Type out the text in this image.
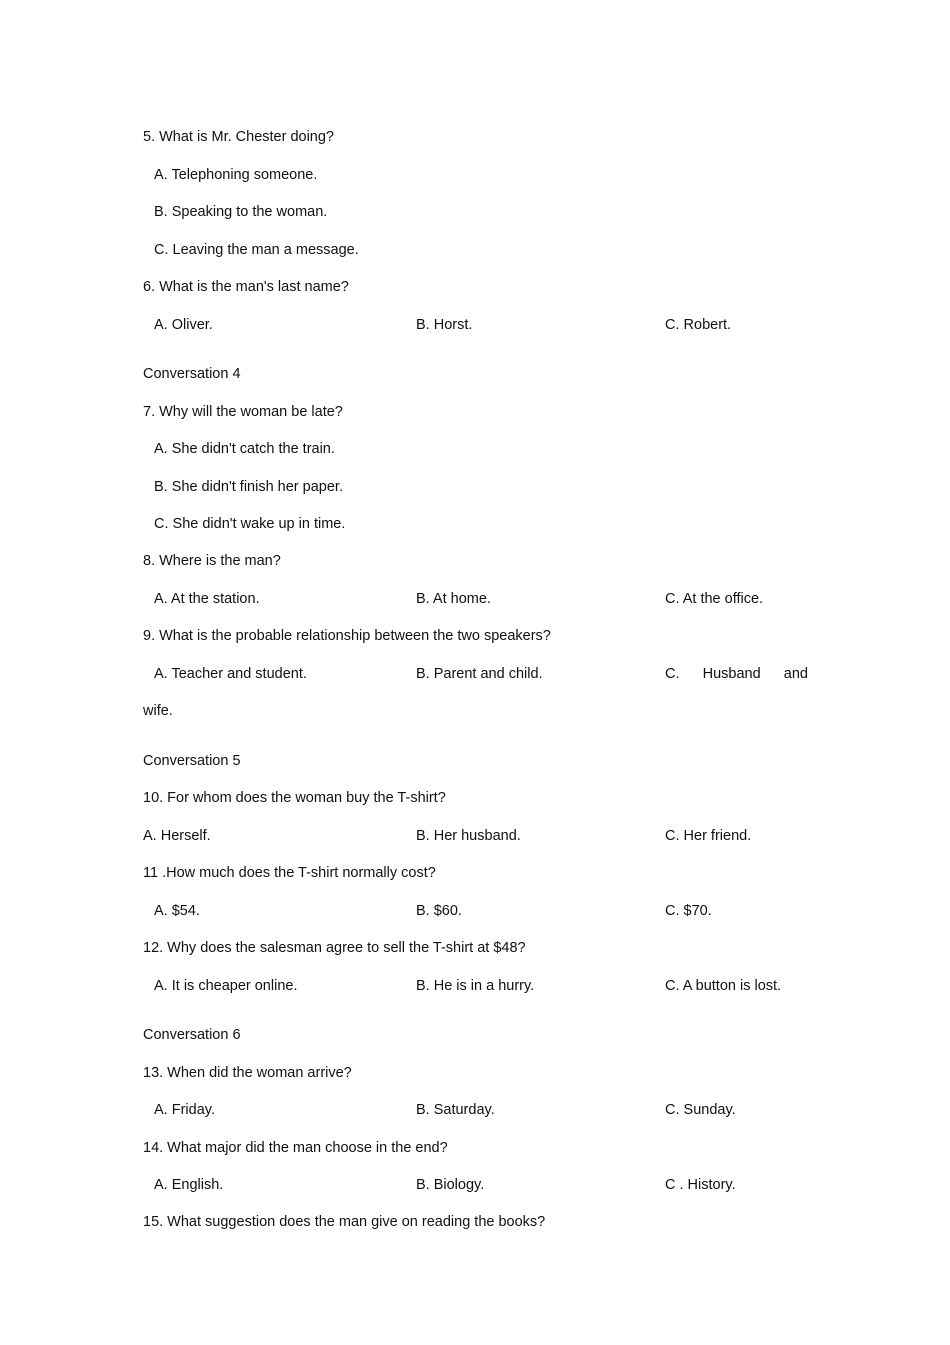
5. What is Mr. Chester doing?
A. Telephoning someone.
B. Speaking to the woman.
C. Leaving the man a message.
6. What is the man's last name?
A. Oliver.	B. Horst.	C. Robert.
Conversation 4
7. Why will the woman be late?
A. She didn't catch the train.
B. She didn't finish her paper.
C. She didn't wake up in time.
8. Where is the man?
A. At the station.	B. At home.	C. At the office.
9. What is the probable relationship between the two speakers?
A. Teacher and student.	B. Parent and child.	C. Husband and
wife.
Conversation 5
10. For whom does the woman buy the T-shirt?
A. Herself.	B. Her husband.	C. Her friend.
11 .How much does the T-shirt normally cost?
A. $54.	B. $60.	C. $70.
12. Why does the salesman agree to sell the T-shirt at $48?
A. It is cheaper online.	B. He is in a hurry.	C. A button is lost.
Conversation 6
13. When did the woman arrive?
A. Friday.	B. Saturday.	C. Sunday.
14. What major did the man choose in the end?
A. English.	B. Biology.	C . History.
15. What suggestion does the man give on reading the books?
